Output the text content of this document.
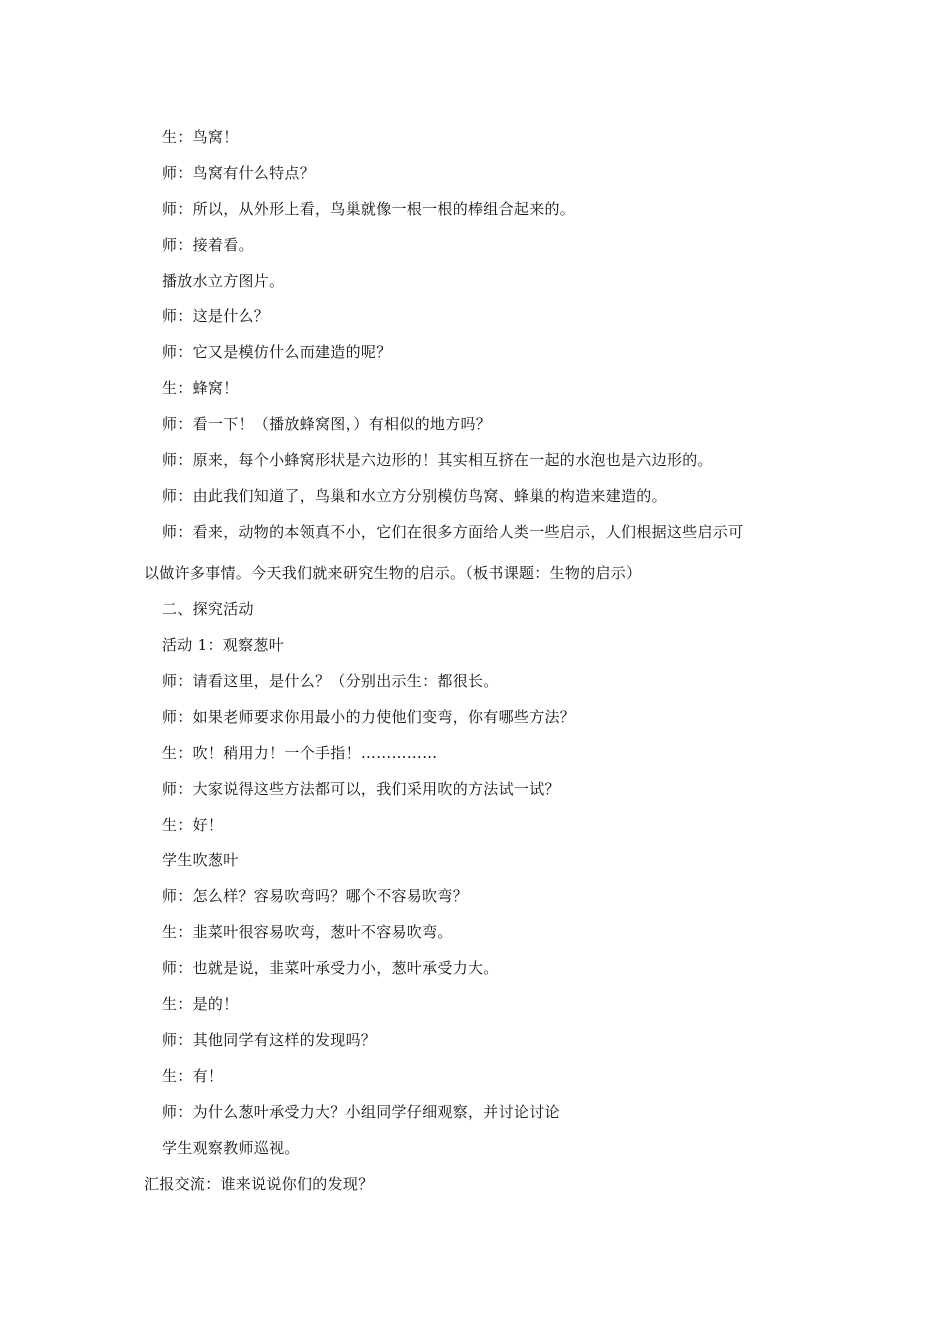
生：鸟窝！
师：鸟窝有什么特点？
师：所以，从外形上看，鸟巢就像一根一根的棒组合起来的。
师：接着看。
播放水立方图片。
师：这是什么？
师：它又是模仿什么而建造的呢？
生：蜂窝！
师：看一下！（播放蜂窝图，）有相似的地方吗？
师：原来，每个小蜂窝形状是六边形的！其实相互挤在一起的水泡也是六边形的。
师：由此我们知道了，鸟巢和水立方分别模仿鸟窝、蜂巢的构造来建造的。
师：看来，动物的本领真不小，它们在很多方面给人类一些启示，人们根据这些启示可
以做许多事情。今天我们就来研究生物的启示。（板书课题：生物的启示）
二、探究活动
活动 1：观察葱叶
师：请看这里，是什么？（分别出示生：都很长。
师：如果老师要求你用最小的力使他们变弯，你有哪些方法？
生：吹！稍用力！一个手指！……………
师：大家说得这些方法都可以，我们采用吹的方法试一试？
生：好！
学生吹葱叶
师：怎么样？容易吹弯吗？哪个不容易吹弯？
生：韭菜叶很容易吹弯，葱叶不容易吹弯。
师：也就是说，韭菜叶承受力小，葱叶承受力大。
生：是的！
师：其他同学有这样的发现吗？
生：有！
师：为什么葱叶承受力大？小组同学仔细观察，并讨论讨论
学生观察教师巡视。
汇报交流：谁来说说你们的发现？
